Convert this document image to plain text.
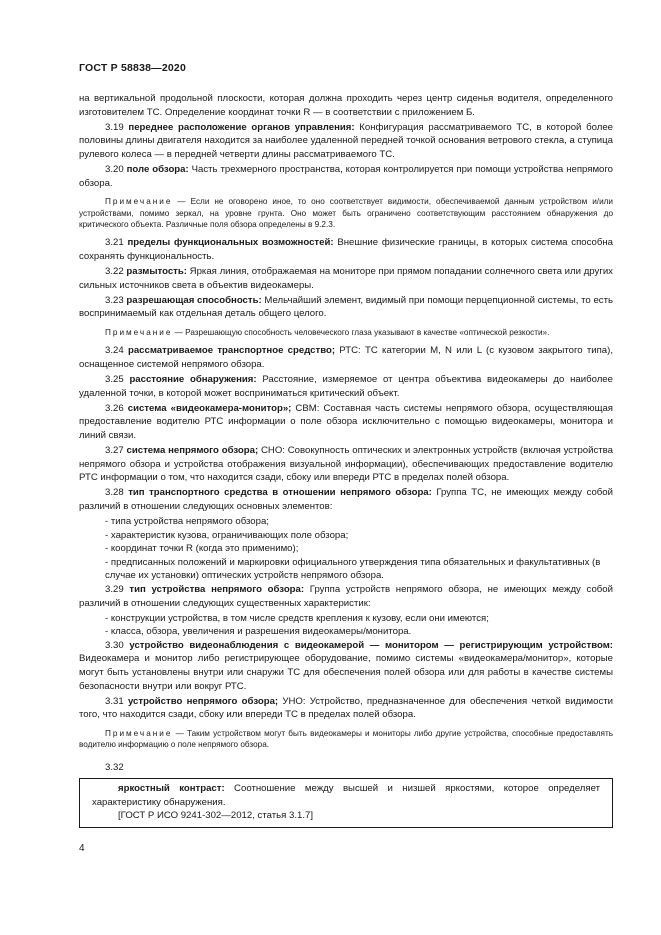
ГОСТ Р 58838—2020

на вертикальной продольной плоскости, которая должна проходить через центр сиденья водителя, определенного изготовителем ТС. Определение координат точки R — в соответствии с приложением Б.

3.19 переднее расположение органов управления: Конфигурация рассматриваемого ТС, в которой более половины длины двигателя находится за наиболее удаленной передней точкой основания ветрового стекла, а ступица рулевого колеса — в передней четверти длины рассматриваемого ТС.

3.20 поле обзора: Часть трехмерного пространства, которая контролируется при помощи устройства непрямого обзора.

Примечание — Если не оговорено иное, то оно соответствует видимости, обеспечиваемой данным устройством и/или устройствами, помимо зеркал, на уровне грунта. Оно может быть ограничено соответствующим расстоянием обнаружения до критического объекта. Различные поля обзора определены в 9.2.3.

3.21 пределы функциональных возможностей: Внешние физические границы, в которых система способна сохранять функциональность.

3.22 размытость: Яркая линия, отображаемая на мониторе при прямом попадании солнечного света или других сильных источников света в объектив видеокамеры.

3.23 разрешающая способность: Мельчайший элемент, видимый при помощи перцепционной системы, то есть воспринимаемый как отдельная деталь общего целого.

Примечание — Разрешающую способность человеческого глаза указывают в качестве «оптической резкости».

3.24 рассматриваемое транспортное средство; РТС: ТС категории М, N или L (с кузовом закрытого типа), оснащенное системой непрямого обзора.

3.25 расстояние обнаружения: Расстояние, измеряемое от центра объектива видеокамеры до наиболее удаленной точки, в которой может восприниматься критический объект.

3.26 система «видеокамера-монитор»; СВМ: Составная часть системы непрямого обзора, осуществляющая предоставление водителю РТС информации о поле обзора исключительно с помощью видеокамеры, монитора и линий связи.

3.27 система непрямого обзора; СНО: Совокупность оптических и электронных устройств (включая устройства непрямого обзора и устройства отображения визуальной информации), обеспечивающих предоставление водителю РТС информации о том, что находится сзади, сбоку или впереди РТС в пределах полей обзора.

3.28 тип транспортного средства в отношении непрямого обзора: Группа ТС, не имеющих между собой различий в отношении следующих основных элементов:

- типа устройства непрямого обзора;

- характеристик кузова, ограничивающих поле обзора;

- координат точки R (когда это применимо);

- предписанных положений и маркировки официального утверждения типа обязательных и факультативных (в случае их установки) оптических устройств непрямого обзора.

3.29 тип устройства непрямого обзора: Группа устройств непрямого обзора, не имеющих между собой различий в отношении следующих существенных характеристик:

- конструкции устройства, в том числе средств крепления к кузову, если они имеются;

- класса, обзора, увеличения и разрешения видеокамеры/монитора.

3.30 устройство видеонаблюдения с видеокамерой — монитором — регистрирующим устройством: Видеокамера и монитор либо регистрирующее оборудование, помимо системы «видеокамера/монитор», которые могут быть установлены внутри или снаружи ТС для обеспечения полей обзора или для работы в качестве системы безопасности внутри или вокруг РТС.

3.31 устройство непрямого обзора; УНО: Устройство, предназначенное для обеспечения четкой видимости того, что находится сзади, сбоку или впереди ТС в пределах полей обзора.

Примечание — Таким устройством могут быть видеокамеры и мониторы либо другие устройства, способные предоставлять водителю информацию о поле непрямого обзора.

3.32

яркостный контраст: Соотношение между высшей и низшей яркостями, которое определяет характеристику обнаружения.

[ГОСТ Р ИСО 9241-302—2012, статья 3.1.7]

4
